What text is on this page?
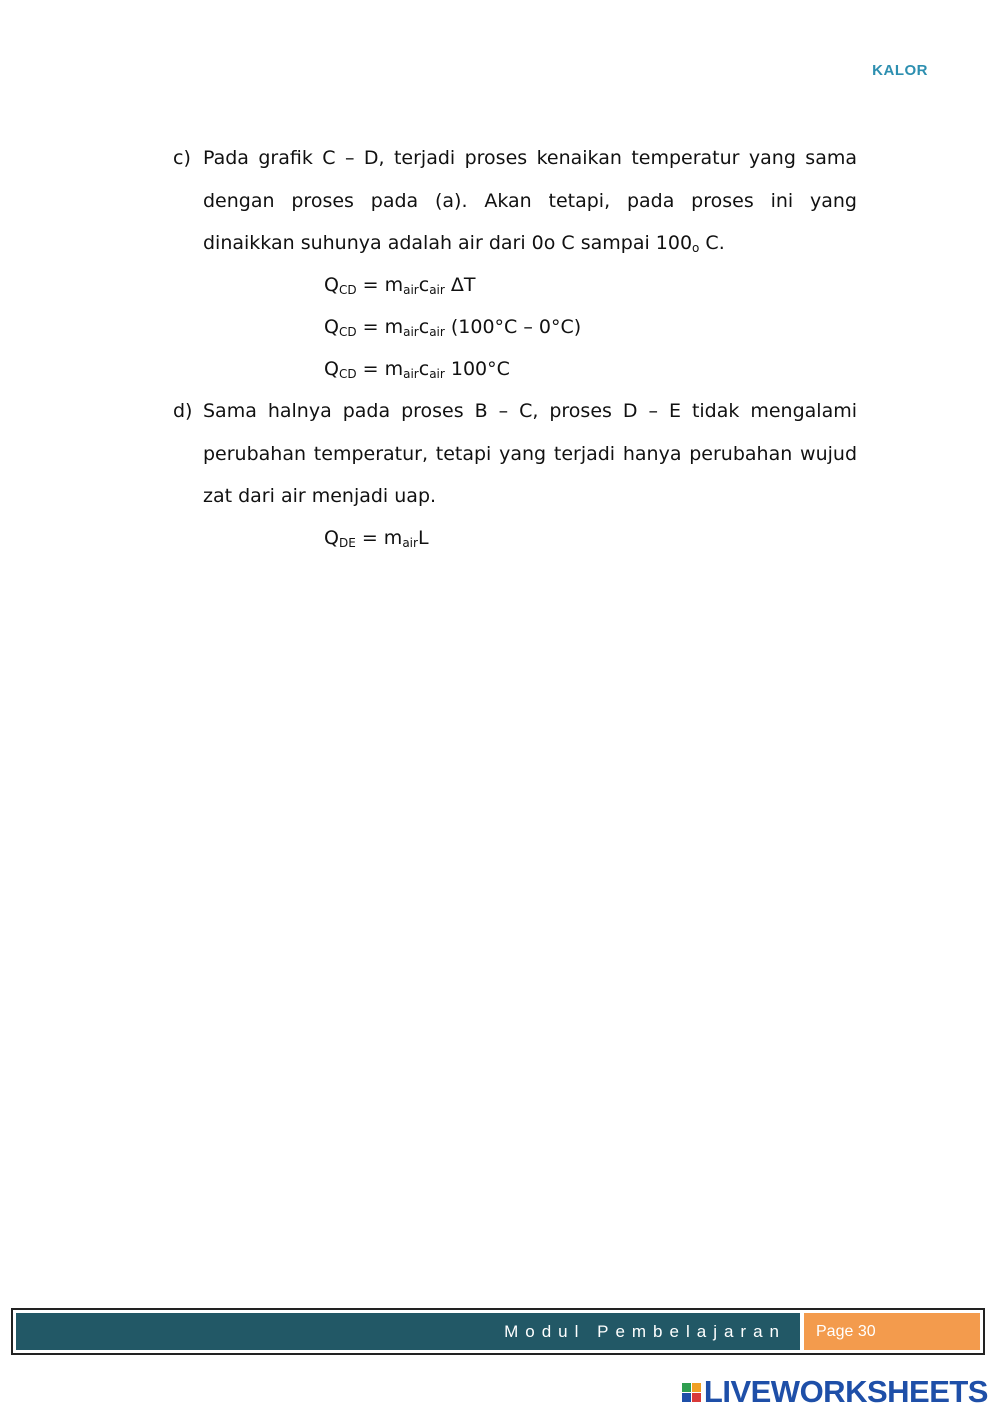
KALOR
c) Pada grafik C – D, terjadi proses kenaikan temperatur yang sama dengan proses pada (a). Akan tetapi, pada proses ini yang dinaikkan suhunya adalah air dari 0o C sampai 100o C.
$Q_{CD} = m_{air}c_{air}$ ΔT
$Q_{CD} = m_{air}c_{air}$ (100°C – 0°C)
$Q_{CD} = m_{air}c_{air}$ 100°C
d) Sama halnya pada proses B – C, proses D – E tidak mengalami perubahan temperatur, tetapi yang terjadi hanya perubahan wujud zat dari air menjadi uap.
$Q_{DE} = m_{air}L$
Modul Pembelajaran	Page 30
LIVEWORKSHEETS
